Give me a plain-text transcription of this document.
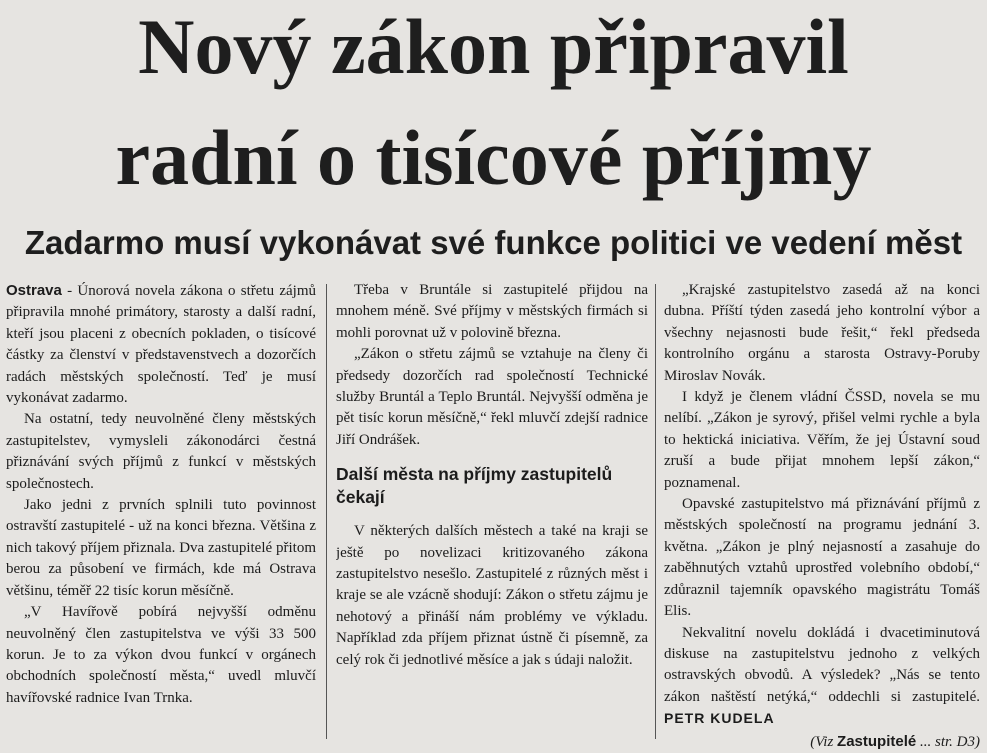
Nový zákon připravil
radní o tisícové příjmy
Zadarmo musí vykonávat své funkce politici ve vedení měst

Ostrava - Únorová novela zákona o střetu zájmů připravila mnohé primátory, starosty a další radní, kteří jsou placeni z obecních pokladen, o tisícové částky za členství v představenstvech a dozorčích radách městských společností. Teď je musí vykonávat zadarmo.

Na ostatní, tedy neuvolněné členy městských zastupitelstev, vymysleli zákonodárci čestná přiznávání svých příjmů z funkcí v městských společnostech.

Jako jedni z prvních splnili tuto povinnost ostravští zastupitelé - už na konci března. Většina z nich takový příjem přiznala. Dva zastupitelé přitom berou za působení ve firmách, kde má Ostrava většinu, téměř 22 tisíc korun měsíčně.

„V Havířově pobírá nejvyšší odměnu neuvolněný člen zastupitelstva ve výši 33 500 korun. Je to za výkon dvou funkcí v orgánech obchodních společností města,“ uvedl mluvčí havířovské radnice Ivan Trnka.

Třeba v Bruntále si zastupitelé přijdou na mnohem méně. Své příjmy v městských firmách si mohli porovnat už v polovině března.

„Zákon o střetu zájmů se vztahuje na členy či předsedy dozorčích rad společností Technické služby Bruntál a Teplo Bruntál. Nejvyšší odměna je pět tisíc korun měsíčně,“ řekl mluvčí zdejší radnice Jiří Ondrášek.

Další města na příjmy zastupitelů čekají

V některých dalších městech a také na kraji se ještě po novelizaci kritizovaného zákona zastupitelstvo nesešlo. Zastupitelé z různých měst i kraje se ale vzácně shodují: Zákon o střetu zájmu je nehotový a přináší nám problémy ve výkladu. Například zda příjem přiznat ústně či písemně, za celý rok či jednotlivé měsíce a jak s údaji naložit.

„Krajské zastupitelstvo zasedá až na konci dubna. Příští týden zasedá jeho kontrolní výbor a všechny nejasnosti bude řešit,“ řekl předseda kontrolního orgánu a starosta Ostravy-Poruby Miroslav Novák.

I když je členem vládní ČSSD, novela se mu nelíbí. „Zákon je syrový, přišel velmi rychle a byla to hektická iniciativa. Věřím, že jej Ústavní soud zruší a bude přijat mnohem lepší zákon,“ poznamenal.

Opavské zastupitelstvo má přiznávání příjmů z městských společností na programu jednání 3. května. „Zákon je plný nejasností a zasahuje do zaběhnutých vztahů uprostřed volebního období,“ zdůraznil tajemník opavského magistrátu Tomáš Elis.

Nekvalitní novelu dokládá i dvacetiminutová diskuse na zastupitelstvu jednoho z velkých ostravských obvodů. A výsledek? „Nás se tento zákon naštěstí netýká,“ oddechli si zastupitelé. PETR KUDELA

(Viz Zastupitelé ... str. D3)
